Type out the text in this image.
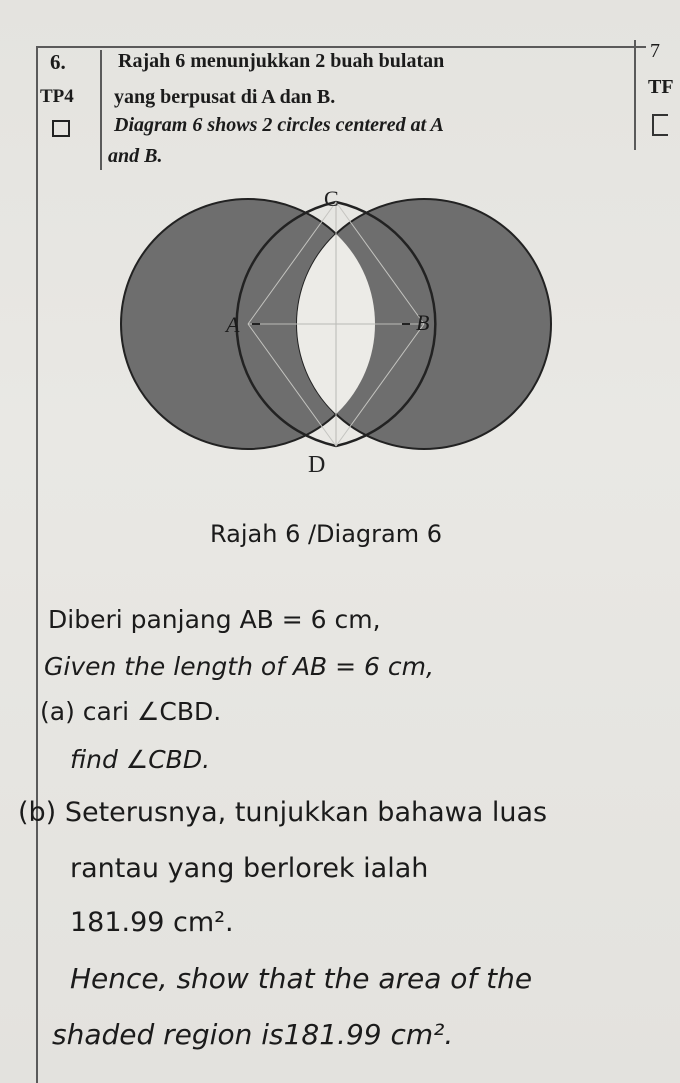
6.
TP4
Rajah 6 menunjukkan 2 buah bulatan
yang berpusat di A dan B.
Diagram 6 shows 2 circles centered at A
and B.
7
TF
C
A	B
D
Rajah 6 /Diagram 6
Diberi panjang AB = 6 cm,
Given the length of AB = 6 cm,
(a) cari ∠CBD.
find ∠CBD.
(b) Seterusnya, tunjukkan bahawa luas
rantau yang berlorek ialah
181.99 cm².
Hence, show that the area of the
shaded region is181.99 cm².
